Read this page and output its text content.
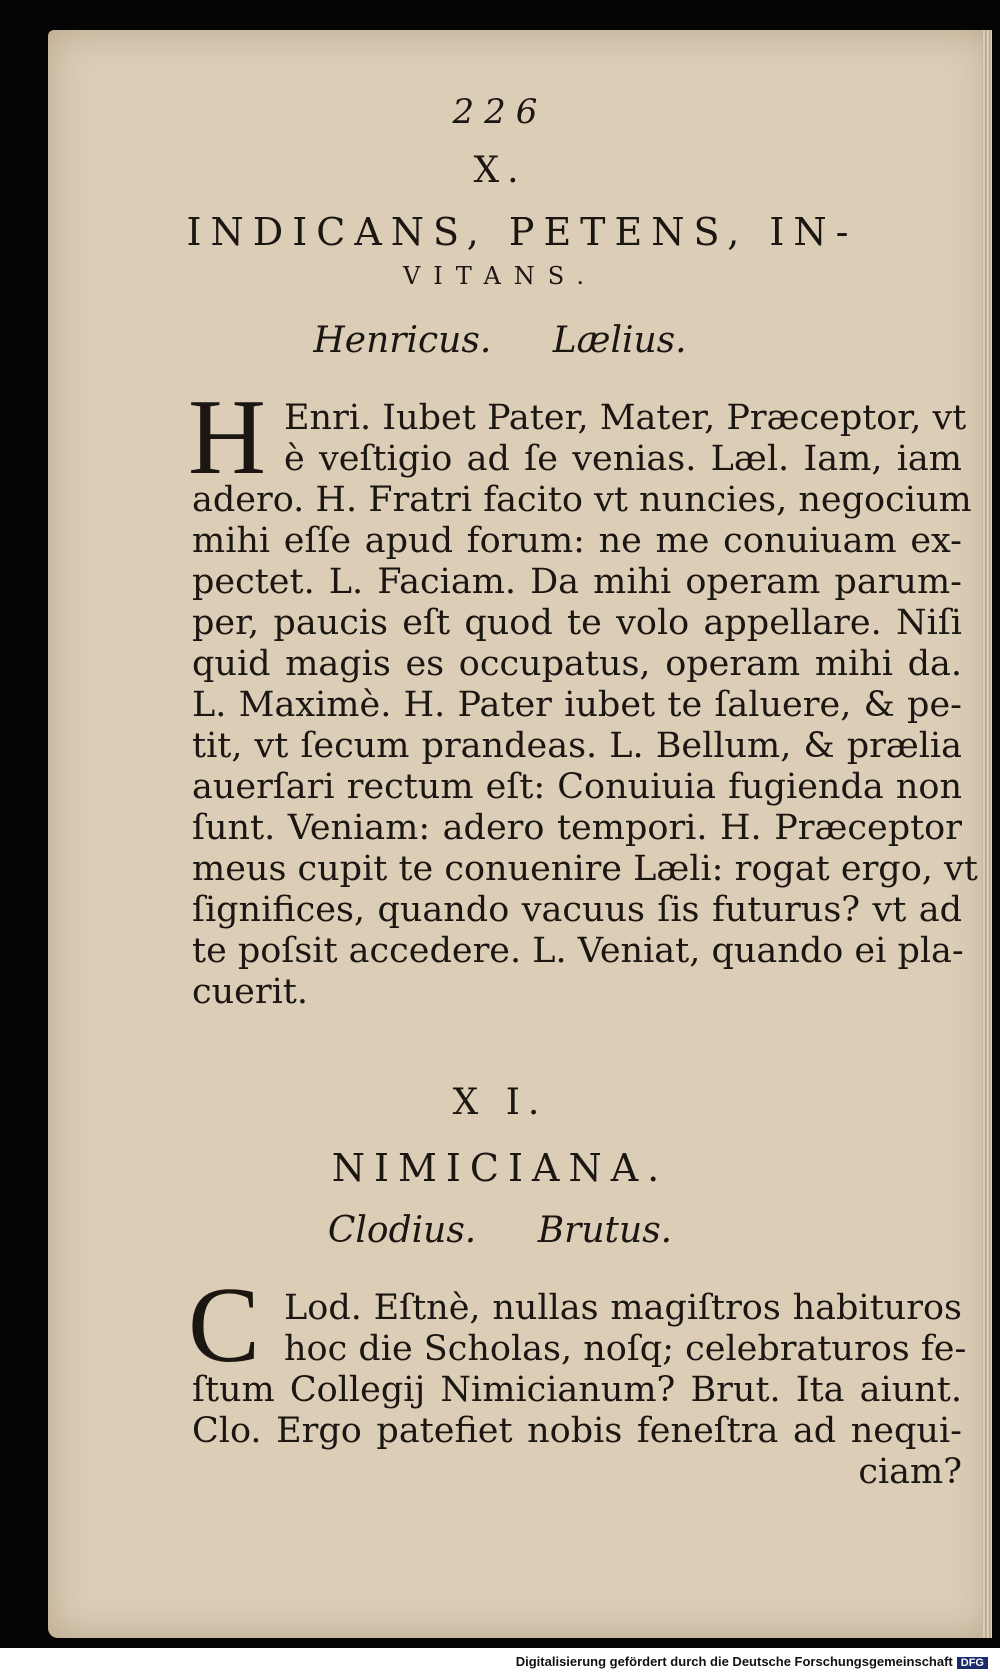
226
X.
INDICANS, PETENS, IN-
VITANS.
Henricus. Lælius.
H Enri. Iubet Pater, Mater, Præceptor, vt
è veſtigio ad ſe venias. Læl. Iam, iam
adero. H. Fratri facito vt nuncies, negocium
mihi eſſe apud forum: ne me conuiuam ex-
pectet. L. Faciam. Da mihi operam parum-
per, paucis eſt quod te volo appellare. Niſi
quid magis es occupatus, operam mihi da.
L. Maximè. H. Pater iubet te ſaluere, & pe-
tit, vt ſecum prandeas. L. Bellum, & prælia
auerſari rectum eſt: Conuiuia fugienda non
ſunt. Veniam: adero tempori. H. Præceptor
meus cupit te conuenire Læli: rogat ergo, vt
ſignifices, quando vacuus ſis futurus? vt ad
te poſsit accedere. L. Veniat, quando ei pla-
cuerit.
X I.
NIMICIANA.
Clodius. Brutus.
C Lod. Eſtnè, nullas magiſtros habituros
hoc die Scholas, noſq; celebraturos fe-
ſtum Collegij Nimicianum? Brut. Ita aiunt.
Clo. Ergo patefiet nobis feneſtra ad nequi-
ciam?
Digitalisierung gefördert durch die Deutsche Forschungsgemeinschaft DFG
